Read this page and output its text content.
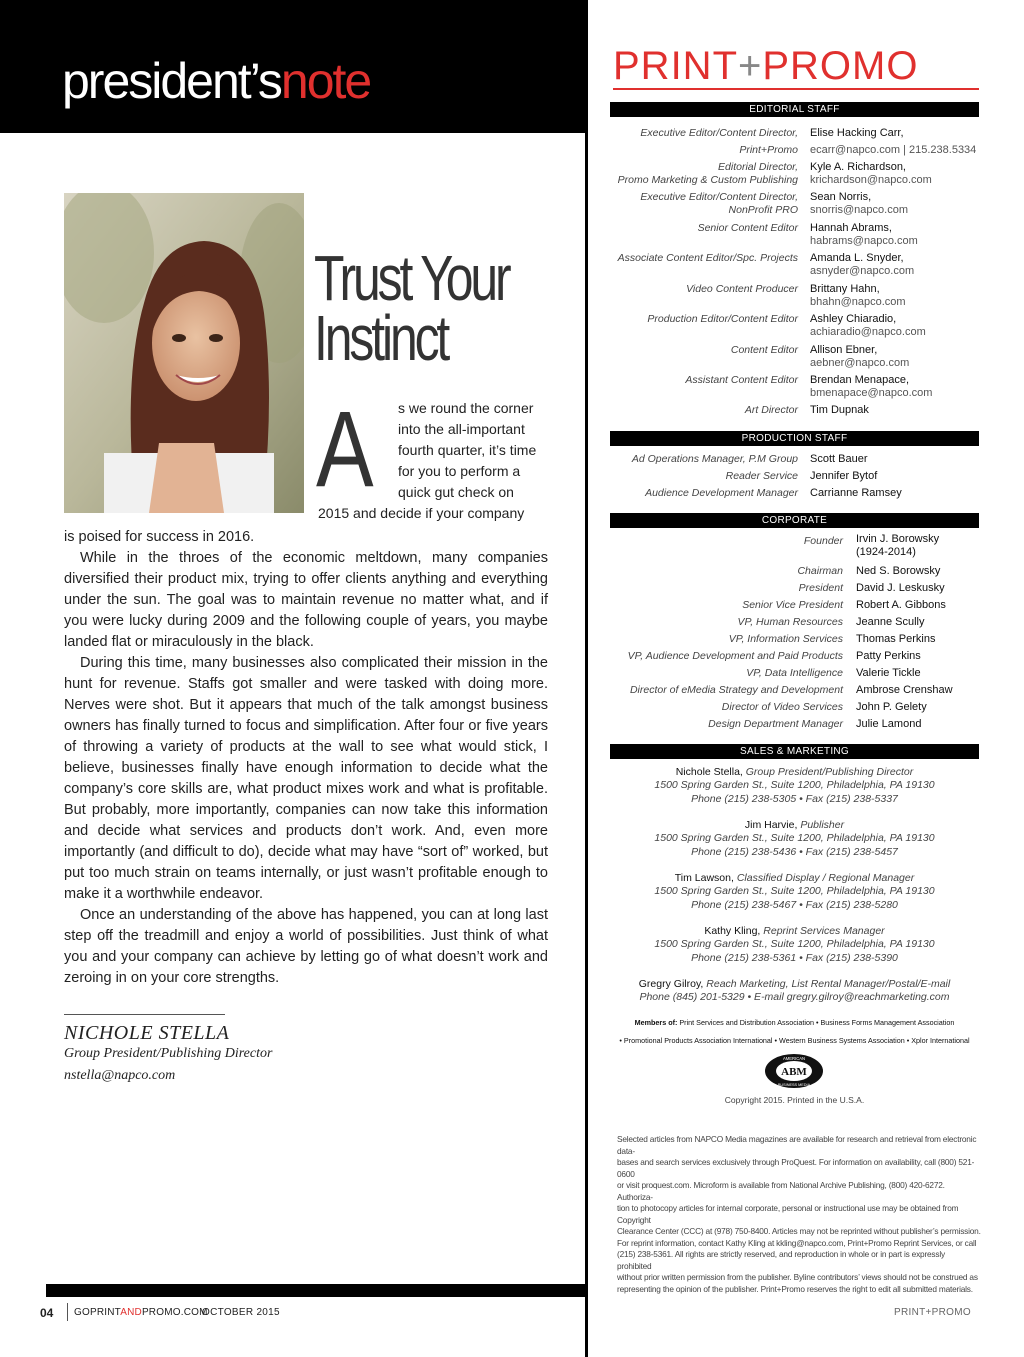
president’snote
Trust Your
Instinct
A s we round the corner
into the all-important
fourth quarter, it’s time
for you to perform a
quick gut check on
2015 and decide if your company

is poised for success in 2016.

While in the throes of the economic meltdown, many companies diversified their product mix, trying to offer clients anything and everything under the sun. The goal was to maintain revenue no matter what, and if you were lucky during 2009 and the following couple of years, you maybe landed flat or miraculously in the black.

During this time, many businesses also complicated their mission in the hunt for revenue. Staffs got smaller and were tasked with doing more. Nerves were shot. But it appears that much of the talk amongst business owners has finally turned to focus and simplification. After four or five years of throwing a variety of products at the wall to see what would stick, I believe, businesses finally have enough information to decide what the company’s core skills are, what product mixes work and what is profitable. But probably, more importantly, companies can now take this information and decide what services and products don’t work. And, even more importantly (and difficult to do), decide what may have “sort of” worked, but put too much strain on teams internally, or just wasn’t profitable enough to make it a worthwhile endeavor.

Once an understanding of the above has happened, you can at long last step off the treadmill and enjoy a world of possibilities. Just think of what you and your company can achieve by letting go of what doesn’t work and zeroing in on your core strengths.

NICHOLE STELLA
Group President/Publishing Director
nstella@napco.com
PRINT+PROMO
EDITORIAL STAFF
PRODUCTION STAFF
CORPORATE
SALES & MARKETING
Members of: Print Services and Distribution Association • Business Forms Management Association
• Promotional Products Association International • Western Business Systems Association • Xplor International
ABM
AMERICAN
BUSINESS MEDIA
Copyright 2015. Printed in the U.S.A.
Selected articles from NAPCO Media magazines are available for research and retrieval from electronic data-
bases and search services exclusively through ProQuest. For information on availability, call (800) 521-0600
or visit proquest.com. Microform is available from National Archive Publishing, (800) 420-6272. Authoriza-
tion to photocopy articles for internal corporate, personal or instructional use may be obtained from Copyright
Clearance Center (CCC) at (978) 750-8400. Articles may not be reprinted without publisher’s permission.
For reprint information, contact Kathy Kling at kkling@napco.com, Print+Promo Reprint Services, or call
(215) 238-5361. All rights are strictly reserved, and reproduction in whole or in part is expressly prohibited
without prior written permission from the publisher. Byline contributors’ views should not be construed as
representing the opinion of the publisher. Print+Promo reserves the right to edit all submitted materials.
04 GOPRINTANDPROMO.COM
OCTOBER 2015	PRINT+PROMO
Executive Editor/Content Director, Elise Hacking Carr,
Print+Promo ecarr@napco.com | 215.238.5334
Editorial Director, Kyle A. Richardson,
Promo Marketing & Custom Publishing krichardson@napco.com
Executive Editor/Content Director, Sean Norris,
NonProfit PRO snorris@napco.com
Senior Content Editor Hannah Abrams,
habrams@napco.com
Associate Content Editor/Spc. Projects Amanda L. Snyder,
asnyder@napco.com
Video Content Producer Brittany Hahn,
bhahn@napco.com
Production Editor/Content Editor Ashley Chiaradio,
achiaradio@napco.com
Content Editor Allison Ebner,
aebner@napco.com
Assistant Content Editor Brendan Menapace,
bmenapace@napco.com
Art Director Tim Dupnak
Ad Operations Manager, P.M Group Scott Bauer
Reader Service Jennifer Bytof
Audience Development Manager Carrianne Ramsey
Founder Irvin J. Borowsky
(1924-2014)
Chairman Ned S. Borowsky
President David J. Leskusky
Senior Vice President Robert A. Gibbons
VP, Human Resources Jeanne Scully
VP, Information Services Thomas Perkins
VP, Audience Development and Paid Products Patty Perkins
VP, Data Intelligence Valerie Tickle
Director of eMedia Strategy and Development Ambrose Crenshaw
Director of Video Services John P. Gelety
Design Department Manager Julie Lamond
Nichole Stella, Group President/Publishing Director
1500 Spring Garden St., Suite 1200, Philadelphia, PA 19130
Phone (215) 238-5305 • Fax (215) 238-5337
Jim Harvie, Publisher
1500 Spring Garden St., Suite 1200, Philadelphia, PA 19130
Phone (215) 238-5436 • Fax (215) 238-5457
Tim Lawson, Classified Display / Regional Manager
1500 Spring Garden St., Suite 1200, Philadelphia, PA 19130
Phone (215) 238-5467 • Fax (215) 238-5280
Kathy Kling, Reprint Services Manager
1500 Spring Garden St., Suite 1200, Philadelphia, PA 19130
Phone (215) 238-5361 • Fax (215) 238-5390
Gregry Gilroy, Reach Marketing, List Rental Manager/Postal/E-mail
Phone (845) 201-5329 • E-mail gregry.gilroy@reachmarketing.com
